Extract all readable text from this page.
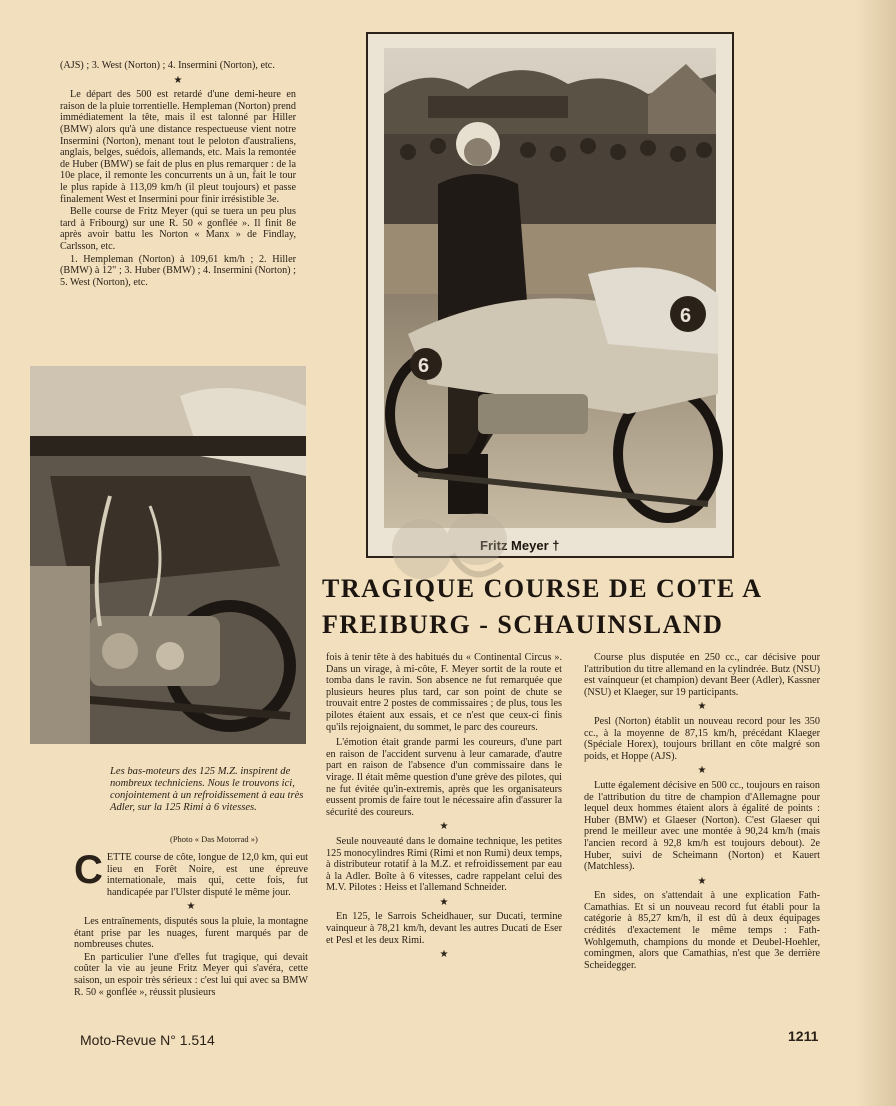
(AJS) ; 3. West (Norton) ; 4. Insermini (Norton), etc.

★

Le départ des 500 est retardé d'une demi-heure en raison de la pluie torrentielle. Hempleman (Norton) prend immédiatement la tête, mais il est talonné par Hiller (BMW) alors qu'à une distance respectueuse vient notre Insermini (Norton), menant tout le peloton d'australiens, anglais, belges, suédois, allemands, etc. Mais la remontée de Huber (BMW) se fait de plus en plus remarquer : de la 10e place, il remonte les concurrents un à un, fait le tour le plus rapide à 113,09 km/h (il pleut toujours) et passe finalement West et Insermini pour finir irrésistible 3e.

Belle course de Fritz Meyer (qui se tuera un peu plus tard à Fribourg) sur une R. 50 « gonflée ». Il finit 8e après avoir battu les Norton « Manx » de Findlay, Carlsson, etc.

1. Hempleman (Norton) à 109,61 km/h ; 2. Hiller (BMW) à 12" ; 3. Huber (BMW) ; 4. Insermini (Norton) ; 5. West (Norton), etc.

6
6
Fritz Meyer †
TRAGIQUE COURSE DE COTE A
FREIBURG - SCHAUINSLAND
Les bas-moteurs des 125 M.Z. inspirent de nombreux techniciens. Nous le trouvons ici, conjointement à un refroidissement à eau très Adler, sur la 125 Rimi à 6 vitesses.
(Photo « Das Motorrad »)

CETTE course de côte, longue de 12,0 km, qui eut lieu en Forêt Noire, est une épreuve internationale, mais qui, cette fois, fut handicapée par l'Ulster disputé le même jour.

★

Les entraînements, disputés sous la pluie, la montagne étant prise par les nuages, furent marqués par de nombreuses chutes.

En particulier l'une d'elles fut tragique, qui devait coûter la vie au jeune Fritz Meyer qui s'avéra, cette saison, un espoir très sérieux : c'est lui qui avec sa BMW R. 50 « gonflée », réussit plusieurs

fois à tenir tête à des habitués du « Continental Circus ». Dans un virage, à mi-côte, F. Meyer sortit de la route et tomba dans le ravin. Son absence ne fut remarquée que plusieurs heures plus tard, car son point de chute se trouvait entre 2 postes de commissaires ; de plus, tous les pilotes étaient aux essais, et ce n'est que ceux-ci finis qu'ils rejoignaient, du sommet, le parc des coureurs.

L'émotion était grande parmi les coureurs, d'une part en raison de l'accident survenu à leur camarade, d'autre part en raison de l'absence d'un commissaire dans le virage. Il était même question d'une grève des pilotes, qui ne fut évitée qu'in-extremis, après que les organisateurs eussent promis de faire tout le nécessaire afin d'assurer la sécurité des coureurs.

★

Seule nouveauté dans le domaine technique, les petites 125 monocylindres Rimi (Rimi et non Rumi) deux temps, à distributeur rotatif à la M.Z. et refroidissement par eau à la Adler. Boîte à 6 vitesses, cadre rappelant celui des M.V. Pilotes : Heiss et l'allemand Schneider.

★

En 125, le Sarrois Scheidhauer, sur Ducati, termine vainqueur à 78,21 km/h, devant les autres Ducati de Eser et Pesl et les deux Rimi.

★

Course plus disputée en 250 cc., car décisive pour l'attribution du titre allemand en la cylindrée. Butz (NSU) est vainqueur (et champion) devant Beer (Adler), Kassner (NSU) et Klaeger, sur 19 participants.

★

Pesl (Norton) établit un nouveau record pour les 350 cc., à la moyenne de 87,15 km/h, précédant Klaeger (Spéciale Horex), toujours brillant en côte malgré son poids, et Hoppe (AJS).

★

Lutte également décisive en 500 cc., toujours en raison de l'attribution du titre de champion d'Allemagne pour lequel deux hommes étaient alors à égalité de points : Huber (BMW) et Glaeser (Norton). C'est Glaeser qui prend le meilleur avec une montée à 90,24 km/h (mais l'ancien record à 92,8 km/h est toujours debout). 2e Huber, suivi de Scheimann (Norton) et Kauert (Matchless).

★

En sides, on s'attendait à une explication Fath-Camathias. Et si un nouveau record fut établi pour la catégorie à 85,27 km/h, il est dû à deux équipages crédités d'exactement le même temps : Fath-Wohlgemuth, champions du monde et Deubel-Hoehler, comingmen, alors que Camathias, n'est que 3e derrière Scheidegger.

Moto-Revue N° 1.514	1211
